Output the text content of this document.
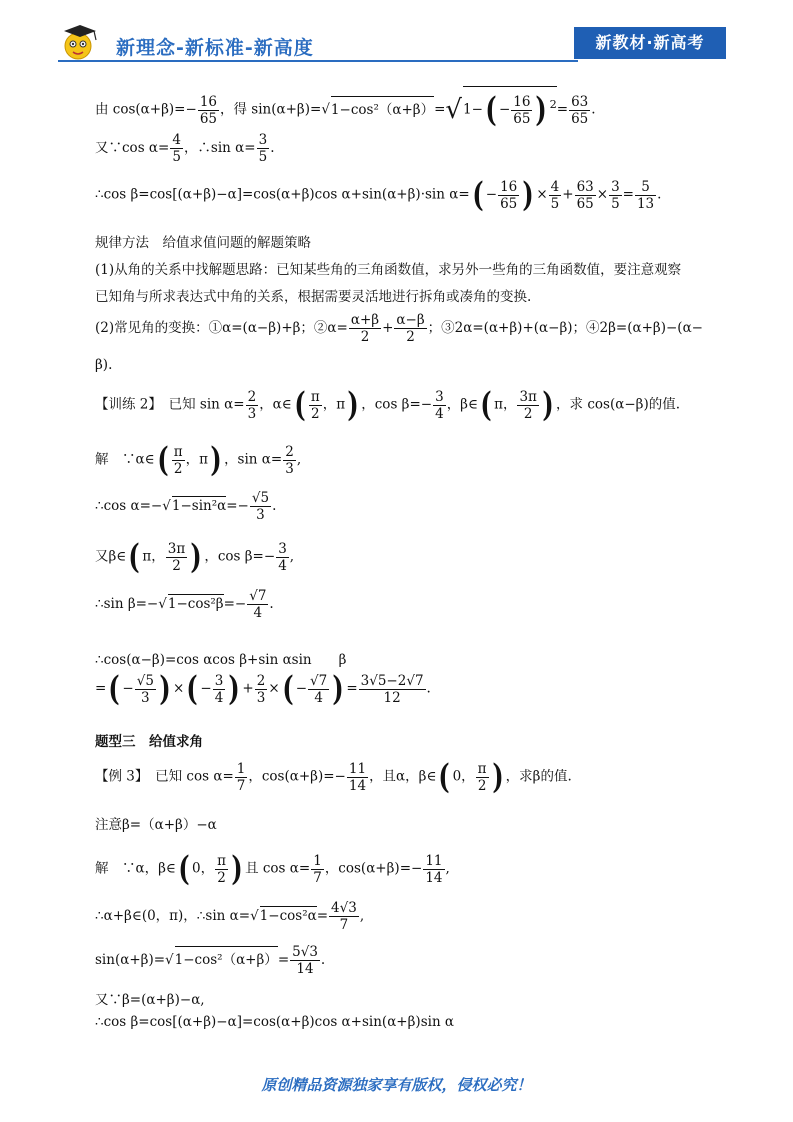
新理念-新标准-新高度	新教材·新高考
由 $\cos(\alpha+\beta)=- \frac{16}{65}$ ，得 $\sin(\alpha+\beta)=√1-\cos^2(\alpha+\beta)=√1-( - \frac{16}{65}$ ) $^2= \frac{63}{65}$ .
又∵cos $\alpha= \frac{4}{5}$ ，∴sin $\alpha= \frac{3}{5}$ .
∴cos β=cos[(α+β)−α]=cos(α+β)cos α+sin(α+β)·sin $\alpha=( - \frac{16}{65}$ ) × $\frac{4}{5} + \frac{63}{65} \times \frac{3}{5} = \frac{5}{13}$ .
规律方法　给值求值问题的解题策略
(1)从角的关系中找解题思路：已知某些角的三角函数值，求另外一些角的三角函数值，要注意观察
已知角与所求表达式中角的关系，根据需要灵活地进行拆角或凑角的变换.
(2)常见角的变换：①α=(α−β)+β；②α= $\frac{\alpha+\beta}{2} + \frac{\alpha-\beta}{2}$ ；③2α=(α+β)+(α−β)；④2β=(α+β)−(α−
β).
【训练 2】　已知 $\sin \alpha= \frac{2}{3}$ ，α∈( $\frac{\pi}{2}$ ，π) ，$\cos \beta=- \frac{3}{4}$ ，β∈( π， $\frac{3\pi}{2}$ ) ，求 cos(α−β)的值.
解　∵α∈( $\frac{\pi}{2}$ ，π) ，$\sin \alpha= \frac{2}{3}$ ,
∴cos $\alpha=-√1-\sin^2\alpha=- \frac{√5}{3}$ .
又β∈( π， $\frac{3\pi}{2}$ ) ，$\cos \beta=- \frac{3}{4}$ ,
∴sin $\beta=-√1-\cos^2\beta=- \frac{√7}{4}$ .
∴cos(α−β)=cos αcos β+sin αsin　　β
=( − $\frac{√5}{3}$ ) ×( − $\frac{3}{4}$ ) + $\frac{2}{3}$ ×( − $\frac{√7}{4}$ ) = $\frac{3√5-2√7}{12}$ .
题型三　给值求角
【例 3】　已知 $\cos \alpha= \frac{1}{7}$ ，$\cos(\alpha+\beta)=- \frac{11}{14}$ ，且α，β∈( 0， $\frac{\pi}{2}$ ) ，求β的值.
注意β=（α+β）−α
解　∵α，β∈( 0， $\frac{\pi}{2}$ ) 且 $\cos \alpha= \frac{1}{7}$ ，$\cos(\alpha+\beta)=- \frac{11}{14}$ ,
∴α+β∈(0，π)，∴sin $\alpha=√1-\cos^2\alpha= \frac{4√3}{7}$ ,
$\sin(\alpha+\beta)=√1-\cos^2(\alpha+\beta)= \frac{5√3}{14}$ .
又∵β=(α+β)−α,
∴cos β=cos[(α+β)−α]=cos(α+β)cos α+sin(α+β)sin α
原创精品资源独家享有版权，侵权必究！
